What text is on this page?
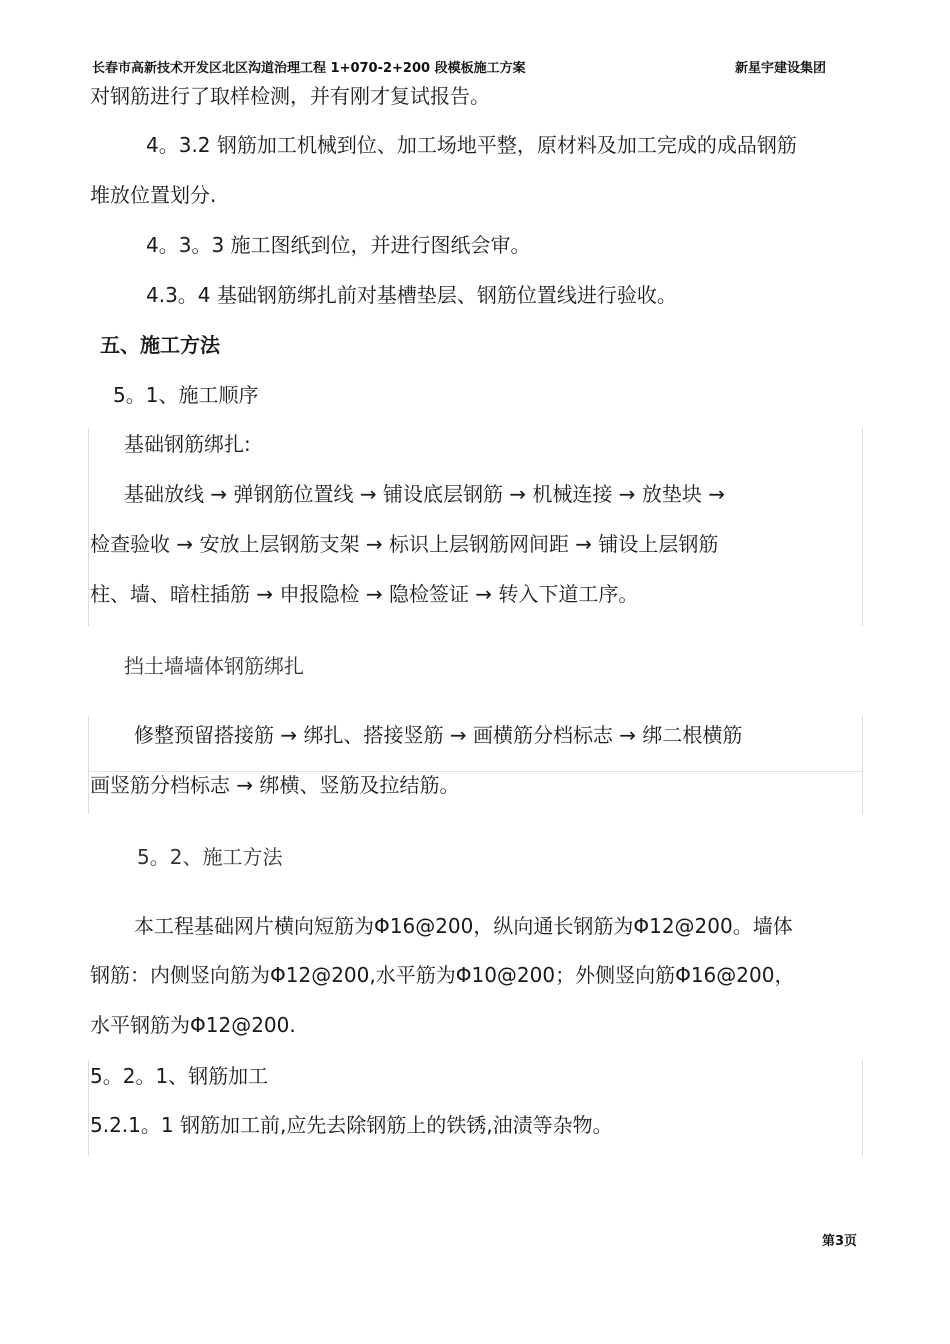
长春市高新技术开发区北区沟道治理工程 1+070-2+200 段模板施工方案	新星宇建设集团
对钢筋进行了取样检测，并有刚才复试报告。
4。3.2 钢筋加工机械到位、加工场地平整，原材料及加工完成的成品钢筋
堆放位置划分.
4。3。3 施工图纸到位，并进行图纸会审。
4.3。4 基础钢筋绑扎前对基槽垫层、钢筋位置线进行验收。
五、施工方法
5。1、施工顺序
基础钢筋绑扎:
基础放线 → 弹钢筋位置线 → 铺设底层钢筋 → 机械连接 → 放垫块 →
检查验收 → 安放上层钢筋支架 → 标识上层钢筋网间距 → 铺设上层钢筋
柱、墙、暗柱插筋 → 申报隐检 → 隐检签证 → 转入下道工序。
挡土墙墙体钢筋绑扎
修整预留搭接筋 → 绑扎、搭接竖筋 → 画横筋分档标志 → 绑二根横筋
画竖筋分档标志 → 绑横、竖筋及拉结筋。
5。2、施工方法
本工程基础网片横向短筋为Φ16@200，纵向通长钢筋为Φ12@200。墙体
钢筋：内侧竖向筋为Φ12@200,水平筋为Φ10@200；外侧竖向筋Φ16@200，
水平钢筋为Φ12@200.
5。2。1、钢筋加工
5.2.1。1 钢筋加工前,应先去除钢筋上的铁锈,油渍等杂物。
第3页
